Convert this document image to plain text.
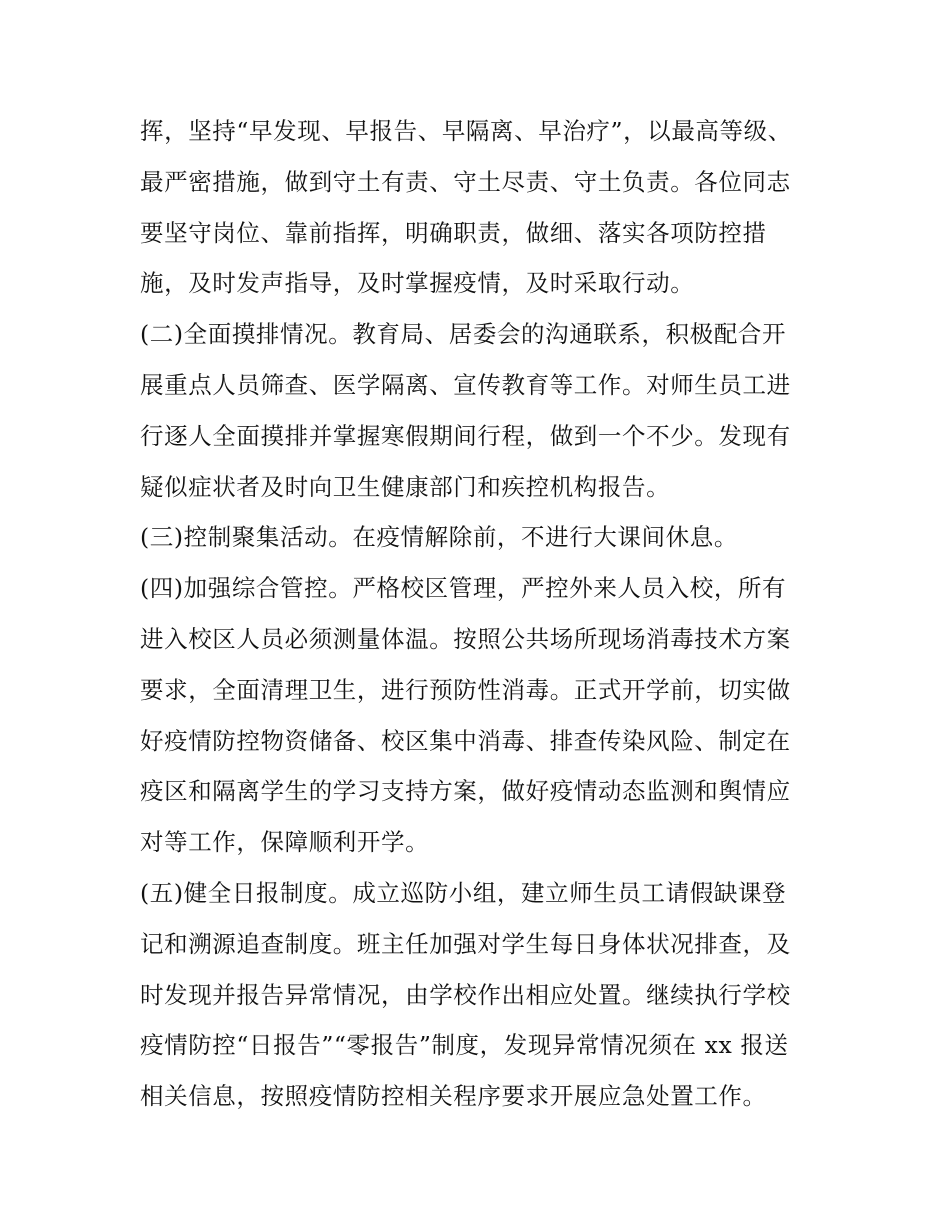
挥，坚持“早发现、早报告、早隔离、早治疗”，以最高等级、
最严密措施，做到守土有责、守土尽责、守土负责。各位同志
要坚守岗位、靠前指挥，明确职责，做细、落实各项防控措
施，及时发声指导，及时掌握疫情，及时采取行动。
(二)全面摸排情况。教育局、居委会的沟通联系，积极配合开
展重点人员筛查、医学隔离、宣传教育等工作。对师生员工进
行逐人全面摸排并掌握寒假期间行程，做到一个不少。发现有
疑似症状者及时向卫生健康部门和疾控机构报告。
(三)控制聚集活动。在疫情解除前，不进行大课间休息。
(四)加强综合管控。严格校区管理，严控外来人员入校，所有
进入校区人员必须测量体温。按照公共场所现场消毒技术方案
要求，全面清理卫生，进行预防性消毒。正式开学前，切实做
好疫情防控物资储备、校区集中消毒、排查传染风险、制定在
疫区和隔离学生的学习支持方案，做好疫情动态监测和舆情应
对等工作，保障顺利开学。
(五)健全日报制度。成立巡防小组，建立师生员工请假缺课登
记和溯源追查制度。班主任加强对学生每日身体状况排查，及
时发现并报告异常情况，由学校作出相应处置。继续执行学校
疫情防控“日报告”“零报告”制度，发现异常情况须在 xx 报送
相关信息，按照疫情防控相关程序要求开展应急处置工作。
